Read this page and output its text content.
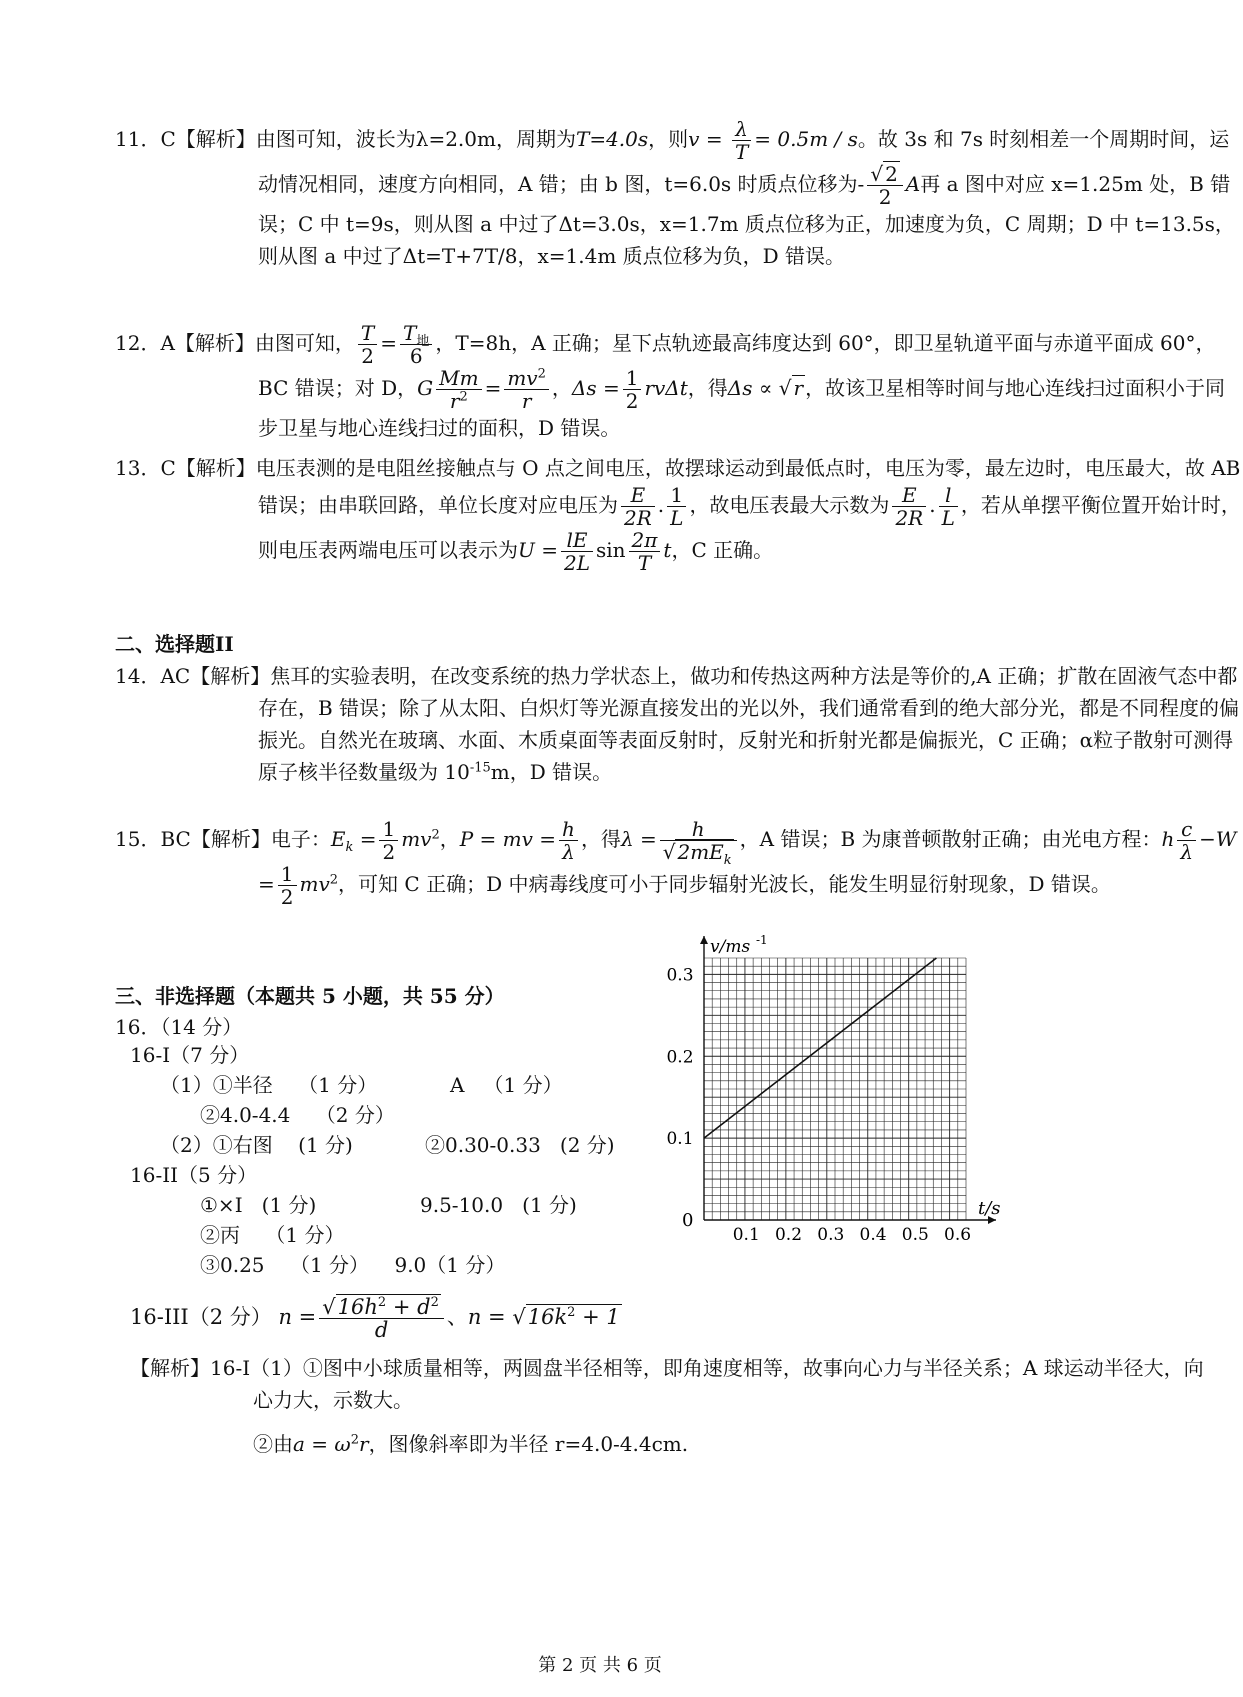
11．C【解析】由图可知，波长为λ=2.0m，周期为T=4.0s，则$v = \frac{\lambda}{T} = 0.5m / s$。故 3s 和 7s 时刻相差一个周期时间，运动情况相同，速度方向相同，A 错；由 b 图，t=6.0s 时质点位移为- $\frac{√ 2}{2}$ A再 a 图中对应 x=1.25m 处，B 错误；C 中 t=9s，则从图 a 中过了Δt=3.0s，x=1.7m 质点位移为正，加速度为负，C 周期；D 中 t=13.5s，则从图 a 中过了Δt=T+7T/8，x=1.4m 质点位移为负，D 错误。
12．A【解析】由图可知， $\frac{T}{2} = \frac{T_地}{6}$ ，T=8h，A 正确；星下点轨迹最高纬度达到 60°，即卫星轨道平面与赤道平面成 60°，BC 错误；对 D，G $\frac{Mm}{r^2} = \frac{mv^2}{r}$ ，$\Delta s = \frac{1}{2}$ rvΔt，得Δs ∝ √ r ，故该卫星相等时间与地心连线扫过面积小于同步卫星与地心连线扫过的面积，D 错误。
13．C【解析】电压表测的是电阻丝接触点与 O 点之间电压，故摆球运动到最低点时，电压为零，最左边时，电压最大，故 AB 错误；由串联回路，单位长度对应电压为 $\frac{E}{2R}$ . $\frac{1}{L}$ ，故电压表最大示数为 $\frac{E}{2R}$ . $\frac{l}{L}$ ，若从单摆平衡位置开始计时，则电压表两端电压可以表示为$U = \frac{lE}{2L}$ $\sin \frac{2\pi}{T}$ t，C 正确。
二、选择题II
14．AC【解析】焦耳的实验表明，在改变系统的热力学状态上，做功和传热这两种方法是等价的,A 正确；扩散在固液气态中都存在，B 错误；除了从太阳、白炽灯等光源直接发出的光以外，我们通常看到的绝大部分光，都是不同程度的偏振光。自然光在玻璃、水面、木质桌面等表面反射时，反射光和折射光都是偏振光，C 正确；α粒子散射可测得原子核半径数量级为 $10^{-15}m$，D 错误。
15．BC【解析】电子：$E_k = \frac{1}{2} mv^2$，P = mv = $\frac{h}{\lambda}$ ，得$\lambda = \frac{h}{√ 2mE_k}$ ，A 错误；B 为康普顿散射正确；由光电方程：h $\frac{c}{\lambda} -W = \frac{1}{2} mv^2$，可知 C 正确；D 中病毒线度可小于同步辐射光波长，能发生明显衍射现象，D 错误。
三、非选择题（本题共 5 小题，共 55 分）
16．（14 分）
16-I（7 分）
（1）①半径    （1 分）	A   （1 分）
②4.0-4.4    （2 分）
（2）①右图    (1 分)	②0.30-0.33   (2 分)
16-II（5 分）
①×I   (1 分)	9.5-10.0   (1 分)
②丙    （1 分）
③0.25    （1 分）    9.0（1 分）
16-III（2 分） $n = \frac{√16h^2 + d^2}{d}$ 、$n = √16k^2 + 1$
【解析】16-I（1）①图中小球质量相等，两圆盘半径相等，即角速度相等，故事向心力与半径关系；A 球运动半径大，向心力大，示数大。
②由$a = \omega^2r$，图像斜率即为半径 r=4.0-4.4cm.
0.1 0.2 0.3 0.4 0.5 0.6
0.1
0.2
0.3
t/s
v/ms -1
0
第 2 页 共 6 页
